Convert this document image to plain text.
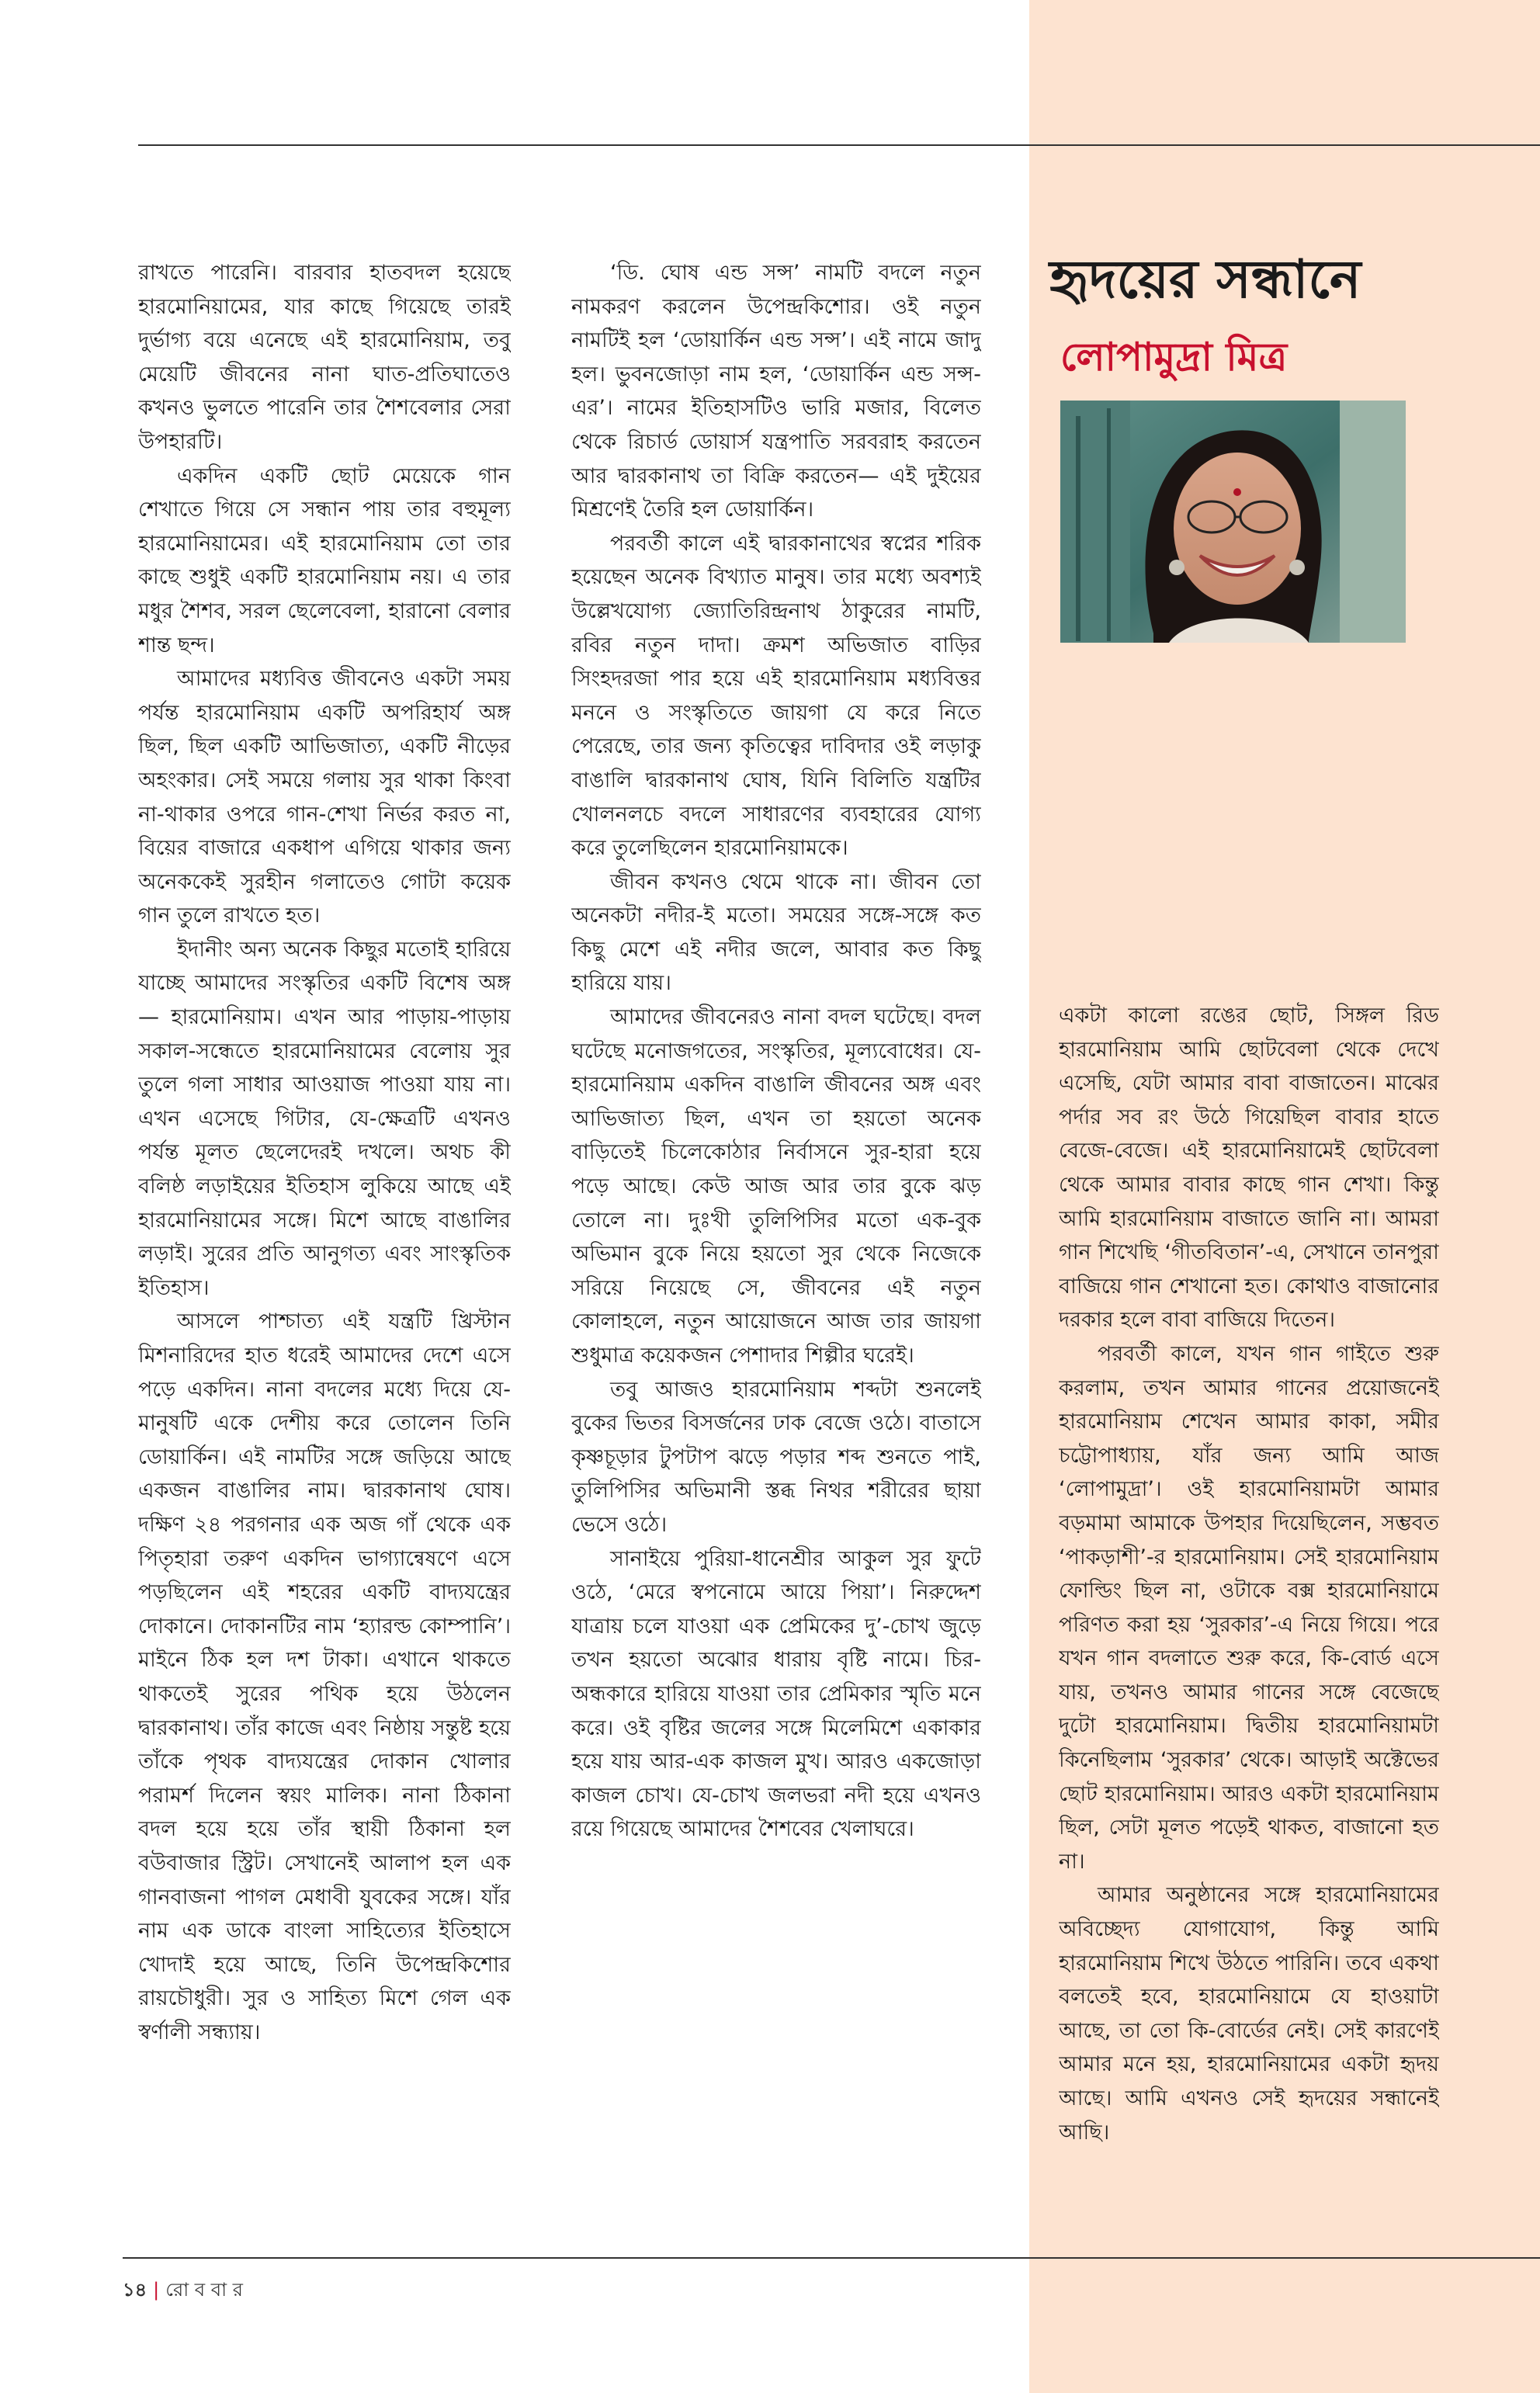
রাখতে পারেনি। বারবার হাতবদল হয়েছে হারমোনিয়ামের, যার কাছে গিয়েছে তারই দুর্ভাগ্য বয়ে এনেছে এই হারমোনিয়াম, তবু মেয়েটি জীবনের নানা ঘাত-প্রতিঘাতেও কখনও ভুলতে পারেনি তার শৈশবেলার সেরা উপহারটি।

একদিন একটি ছোট মেয়েকে গান শেখাতে গিয়ে সে সন্ধান পায় তার বহুমূল্য হারমোনিয়ামের। এই হারমোনিয়াম তো তার কাছে শুধুই একটি হারমোনিয়াম নয়। এ তার মধুর শৈশব, সরল ছেলেবেলা, হারানো বেলার শান্ত ছন্দ।

আমাদের মধ্যবিত্ত জীবনেও একটা সময় পর্যন্ত হারমোনিয়াম একটি অপরিহার্য অঙ্গ ছিল, ছিল একটি আভিজাত্য, একটি নীড়ের অহংকার। সেই সময়ে গলায় সুর থাকা কিংবা না-থাকার ওপরে গান-শেখা নির্ভর করত না, বিয়ের বাজারে একধাপ এগিয়ে থাকার জন্য অনেককেই সুরহীন গলাতেও গোটা কয়েক গান তুলে রাখতে হত।

ইদানীং অন্য অনেক কিছুর মতোই হারিয়ে যাচ্ছে আমাদের সংস্কৃতির একটি বিশেষ অঙ্গ— হারমোনিয়াম। এখন আর পাড়ায়-পাড়ায় সকাল-সন্ধেতে হারমোনিয়ামের বেলোয় সুর তুলে গলা সাধার আওয়াজ পাওয়া যায় না। এখন এসেছে গিটার, যে-ক্ষেত্রটি এখনও পর্যন্ত মূলত ছেলেদেরই দখলে। অথচ কী বলিষ্ঠ লড়াইয়ের ইতিহাস লুকিয়ে আছে এই হারমোনিয়ামের সঙ্গে। মিশে আছে বাঙালির লড়াই। সুরের প্রতি আনুগত্য এবং সাংস্কৃতিক ইতিহাস।

আসলে পাশ্চাত্য এই যন্ত্রটি খ্রিস্টান মিশনারিদের হাত ধরেই আমাদের দেশে এসে পড়ে একদিন। নানা বদলের মধ্যে দিয়ে যে-মানুষটি একে দেশীয় করে তোলেন তিনি ডোয়ার্কিন। এই নামটির সঙ্গে জড়িয়ে আছে একজন বাঙালির নাম। দ্বারকানাথ ঘোষ। দক্ষিণ ২৪ পরগনার এক অজ গাঁ থেকে এক পিতৃহারা তরুণ একদিন ভাগ্যান্বেষণে এসে পড়ছিলেন এই শহরের একটি বাদ্যযন্ত্রের দোকানে। দোকানটির নাম ‘হ্যারল্ড কোম্পানি’। মাইনে ঠিক হল দশ টাকা। এখানে থাকতে থাকতেই সুরের পথিক হয়ে উঠলেন দ্বারকানাথ। তাঁর কাজে এবং নিষ্ঠায় সন্তুষ্ট হয়ে তাঁকে পৃথক বাদ্যযন্ত্রের দোকান খোলার পরামর্শ দিলেন স্বয়ং মালিক। নানা ঠিকানা বদল হয়ে হয়ে তাঁর স্থায়ী ঠিকানা হল বউবাজার স্ট্রিট। সেখানেই আলাপ হল এক গানবাজনা পাগল মেধাবী যুবকের সঙ্গে। যাঁর নাম এক ডাকে বাংলা সাহিত্যের ইতিহাসে খোদাই হয়ে আছে, তিনি উপেন্দ্রকিশোর রায়চৌধুরী। সুর ও সাহিত্য মিশে গেল এক স্বর্ণালী সন্ধ্যায়।

‘ডি. ঘোষ এন্ড সন্স’ নামটি বদলে নতুন নামকরণ করলেন উপেন্দ্রকিশোর। ওই নতুন নামটিই হল ‘ডোয়ার্কিন এন্ড সন্স’। এই নামে জাদু হল। ভুবনজোড়া নাম হল, ‘ডোয়ার্কিন এন্ড সন্স-এর’। নামের ইতিহাসটিও ভারি মজার, বিলেত থেকে রিচার্ড ডোয়ার্স যন্ত্রপাতি সরবরাহ করতেন আর দ্বারকানাথ তা বিক্রি করতেন— এই দুইয়ের মিশ্রণেই তৈরি হল ডোয়ার্কিন।

পরবর্তী কালে এই দ্বারকানাথের স্বপ্নের শরিক হয়েছেন অনেক বিখ্যাত মানুষ। তার মধ্যে অবশ্যই উল্লেখযোগ্য জ্যোতিরিন্দ্রনাথ ঠাকুরের নামটি, রবির নতুন দাদা। ক্রমশ অভিজাত বাড়ির সিংহদরজা পার হয়ে এই হারমোনিয়াম মধ্যবিত্তর মননে ও সংস্কৃতিতে জায়গা যে করে নিতে পেরেছে, তার জন্য কৃতিত্বের দাবিদার ওই লড়াকু বাঙালি দ্বারকানাথ ঘোষ, যিনি বিলিতি যন্ত্রটির খোলনলচে বদলে সাধারণের ব্যবহারের যোগ্য করে তুলেছিলেন হারমোনিয়ামকে।

জীবন কখনও থেমে থাকে না। জীবন তো অনেকটা নদীর-ই মতো। সময়ের সঙ্গে-সঙ্গে কত কিছু মেশে এই নদীর জলে, আবার কত কিছু হারিয়ে যায়।

আমাদের জীবনেরও নানা বদল ঘটেছে। বদল ঘটেছে মনোজগতের, সংস্কৃতির, মূল্যবোধের। যে-হারমোনিয়াম একদিন বাঙালি জীবনের অঙ্গ এবং আভিজাত্য ছিল, এখন তা হয়তো অনেক বাড়িতেই চিলেকোঠার নির্বাসনে সুর-হারা হয়ে পড়ে আছে। কেউ আজ আর তার বুকে ঝড় তোলে না। দুঃখী তুলিপিসির মতো এক-বুক অভিমান বুকে নিয়ে হয়তো সুর থেকে নিজেকে সরিয়ে নিয়েছে সে, জীবনের এই নতুন কোলাহলে, নতুন আয়োজনে আজ তার জায়গা শুধুমাত্র কয়েকজন পেশাদার শিল্পীর ঘরেই।

তবু আজও হারমোনিয়াম শব্দটা শুনলেই বুকের ভিতর বিসর্জনের ঢাক বেজে ওঠে। বাতাসে কৃষ্ণচূড়ার টুপটাপ ঝড়ে পড়ার শব্দ শুনতে পাই, তুলিপিসির অভিমানী স্তব্ধ নিথর শরীরের ছায়া ভেসে ওঠে।

সানাইয়ে পুরিয়া-ধানেশ্রীর আকুল সুর ফুটে ওঠে, ‘মেরে স্বপনোমে আয়ে পিয়া’। নিরুদ্দেশ যাত্রায় চলে যাওয়া এক প্রেমিকের দু’-চোখ জুড়ে তখন হয়তো অঝোর ধারায় বৃষ্টি নামে। চির-অন্ধকারে হারিয়ে যাওয়া তার প্রেমিকার স্মৃতি মনে করে। ওই বৃষ্টির জলের সঙ্গে মিলেমিশে একাকার হয়ে যায় আর-এক কাজল মুখ। আরও একজোড়া কাজল চোখ। যে-চোখ জলভরা নদী হয়ে এখনও রয়ে গিয়েছে আমাদের শৈশবের খেলাঘরে।

হৃদয়ের সন্ধানে
লোপামুদ্রা মিত্র

একটা কালো রঙের ছোট, সিঙ্গল রিড হারমোনিয়াম আমি ছোটবেলা থেকে দেখে এসেছি, যেটা আমার বাবা বাজাতেন। মাঝের পর্দার সব রং উঠে গিয়েছিল বাবার হাতে বেজে-বেজে। এই হারমোনিয়ামেই ছোটবেলা থেকে আমার বাবার কাছে গান শেখা। কিন্তু আমি হারমোনিয়াম বাজাতে জানি না। আমরা গান শিখেছি ‘গীতবিতান’-এ, সেখানে তানপুরা বাজিয়ে গান শেখানো হত। কোথাও বাজানোর দরকার হলে বাবা বাজিয়ে দিতেন।

পরবর্তী কালে, যখন গান গাইতে শুরু করলাম, তখন আমার গানের প্রয়োজনেই হারমোনিয়াম শেখেন আমার কাকা, সমীর চট্টোপাধ্যায়, যাঁর জন্য আমি আজ ‘লোপামুদ্রা’। ওই হারমোনিয়ামটা আমার বড়মামা আমাকে উপহার দিয়েছিলেন, সম্ভবত ‘পাকড়াশী’-র হারমোনিয়াম। সেই হারমোনিয়াম ফোল্ডিং ছিল না, ওটাকে বক্স হারমোনিয়ামে পরিণত করা হয় ‘সুরকার’-এ নিয়ে গিয়ে। পরে যখন গান বদলাতে শুরু করে, কি-বোর্ড এসে যায়, তখনও আমার গানের সঙ্গে বেজেছে দুটো হারমোনিয়াম। দ্বিতীয় হারমোনিয়ামটা কিনেছিলাম ‘সুরকার’ থেকে। আড়াই অক্টেভের ছোট হারমোনিয়াম। আরও একটা হারমোনিয়াম ছিল, সেটা মূলত পড়েই থাকত, বাজানো হত না।

আমার অনুষ্ঠানের সঙ্গে হারমোনিয়ামের অবিচ্ছেদ্য যোগাযোগ, কিন্তু আমি হারমোনিয়াম শিখে উঠতে পারিনি। তবে একথা বলতেই হবে, হারমোনিয়ামে যে হাওয়াটা আছে, তা তো কি-বোর্ডের নেই। সেই কারণেই আমার মনে হয়, হারমোনিয়ামের একটা হৃদয় আছে। আমি এখনও সেই হৃদয়ের সন্ধানেই আছি।

১৪ | রো ব বা র
